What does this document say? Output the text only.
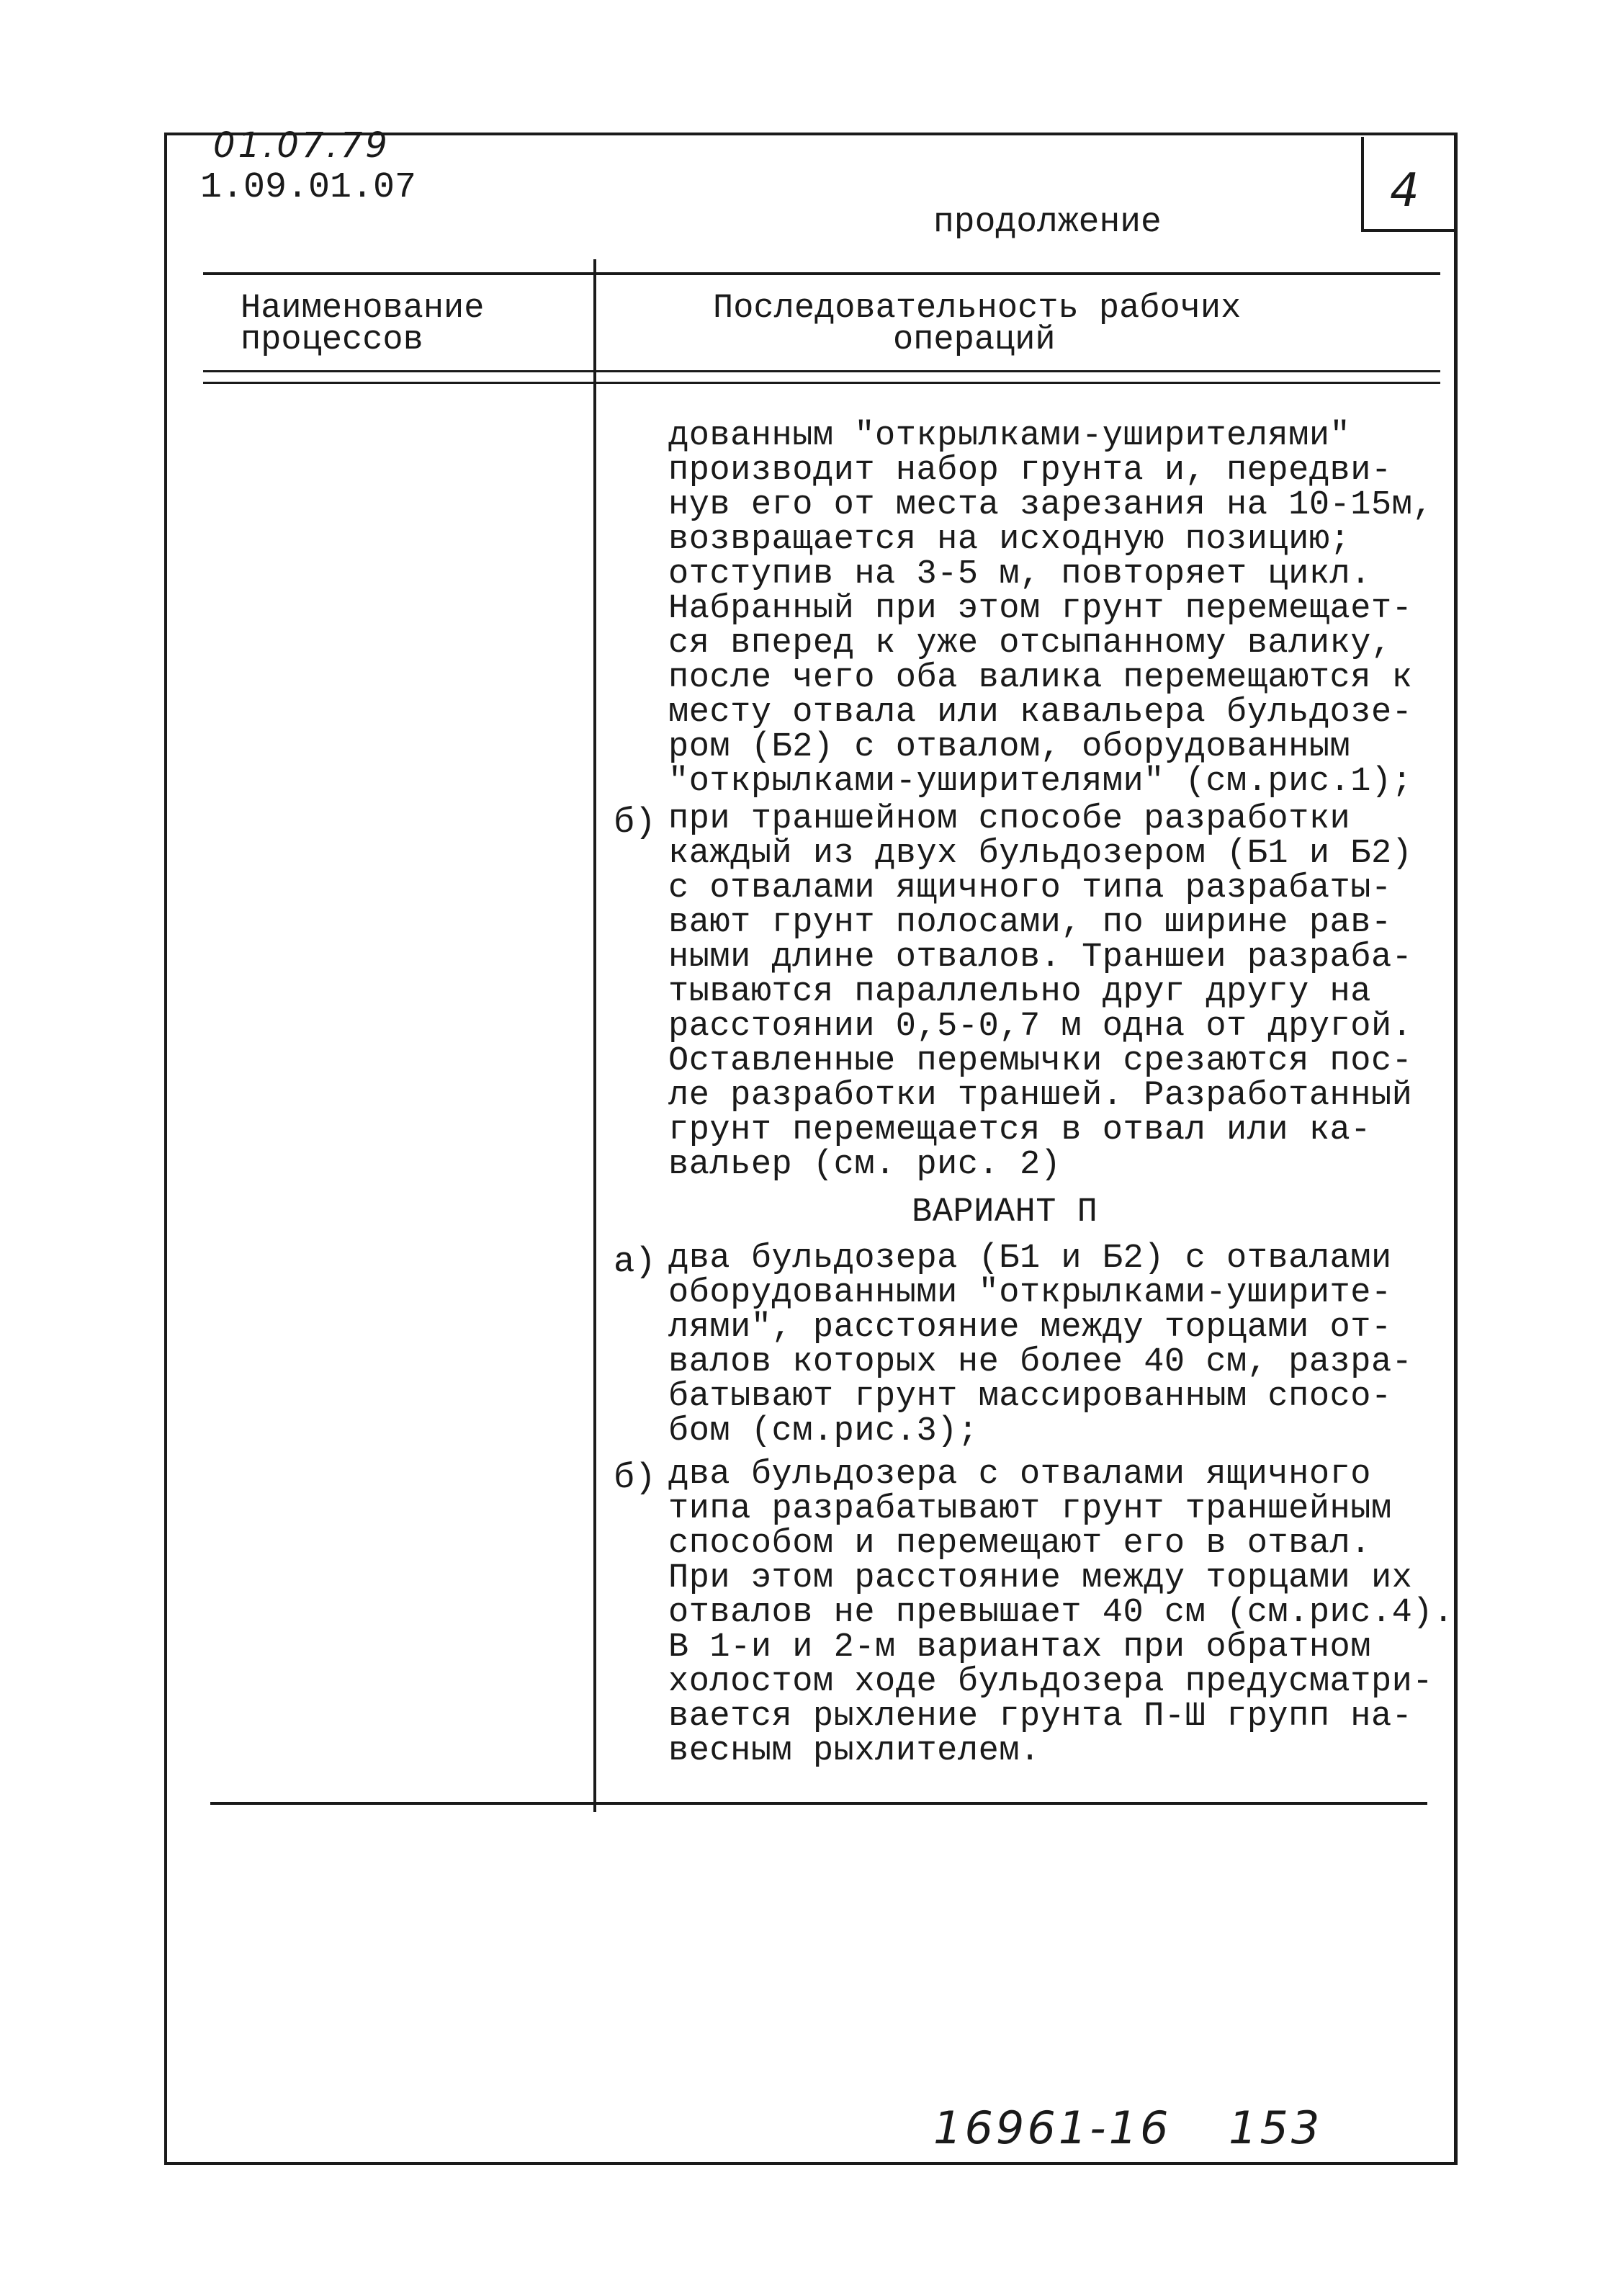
01.07.79
1.09.01.07	4
продолжение
Наименование
процессов
Последовательность рабочих
операций
дованным "открылками-уширителями"
производит набор грунта и, передви-
нув его от места зарезания на 10-15м,
возвращается на исходную позицию;
отступив на 3-5 м, повторяет цикл.
Набранный при этом грунт перемещает-
ся вперед к уже отсыпанному валику,
после чего оба валика перемещаются к
месту отвала или кавальера бульдозе-
ром (Б2) с отвалом, оборудованным
"открылками-уширителями" (см.рис.1);
б) при траншейном способе разработки
каждый из двух бульдозером (Б1 и Б2)
с отвалами ящичного типа разрабаты-
вают грунт полосами, по ширине рав-
ными длине отвалов. Траншеи разраба-
тываются параллельно друг другу на
расстоянии 0,5-0,7 м одна от другой.
Оставленные перемычки срезаются пос-
ле разработки траншей. Разработанный
грунт перемещается в отвал или ка-
вальер (см. рис. 2)
ВАРИАНТ П
а) два бульдозера (Б1 и Б2) с отвалами
оборудованными "открылками-уширите-
лями", расстояние между торцами от-
валов которых не более 40 см, разра-
батывают грунт массированным спосо-
бом (см.рис.3);
б) два бульдозера с отвалами ящичного
типа разрабатывают грунт траншейным
способом и перемещают его в отвал.
При этом расстояние между торцами их
отвалов не превышает 40 см (см.рис.4).
В 1-и и 2-м вариантах при обратном
холостом ходе бульдозера предусматри-
вается рыхление грунта П-Ш групп на-
весным рыхлителем.
16961-16 153
